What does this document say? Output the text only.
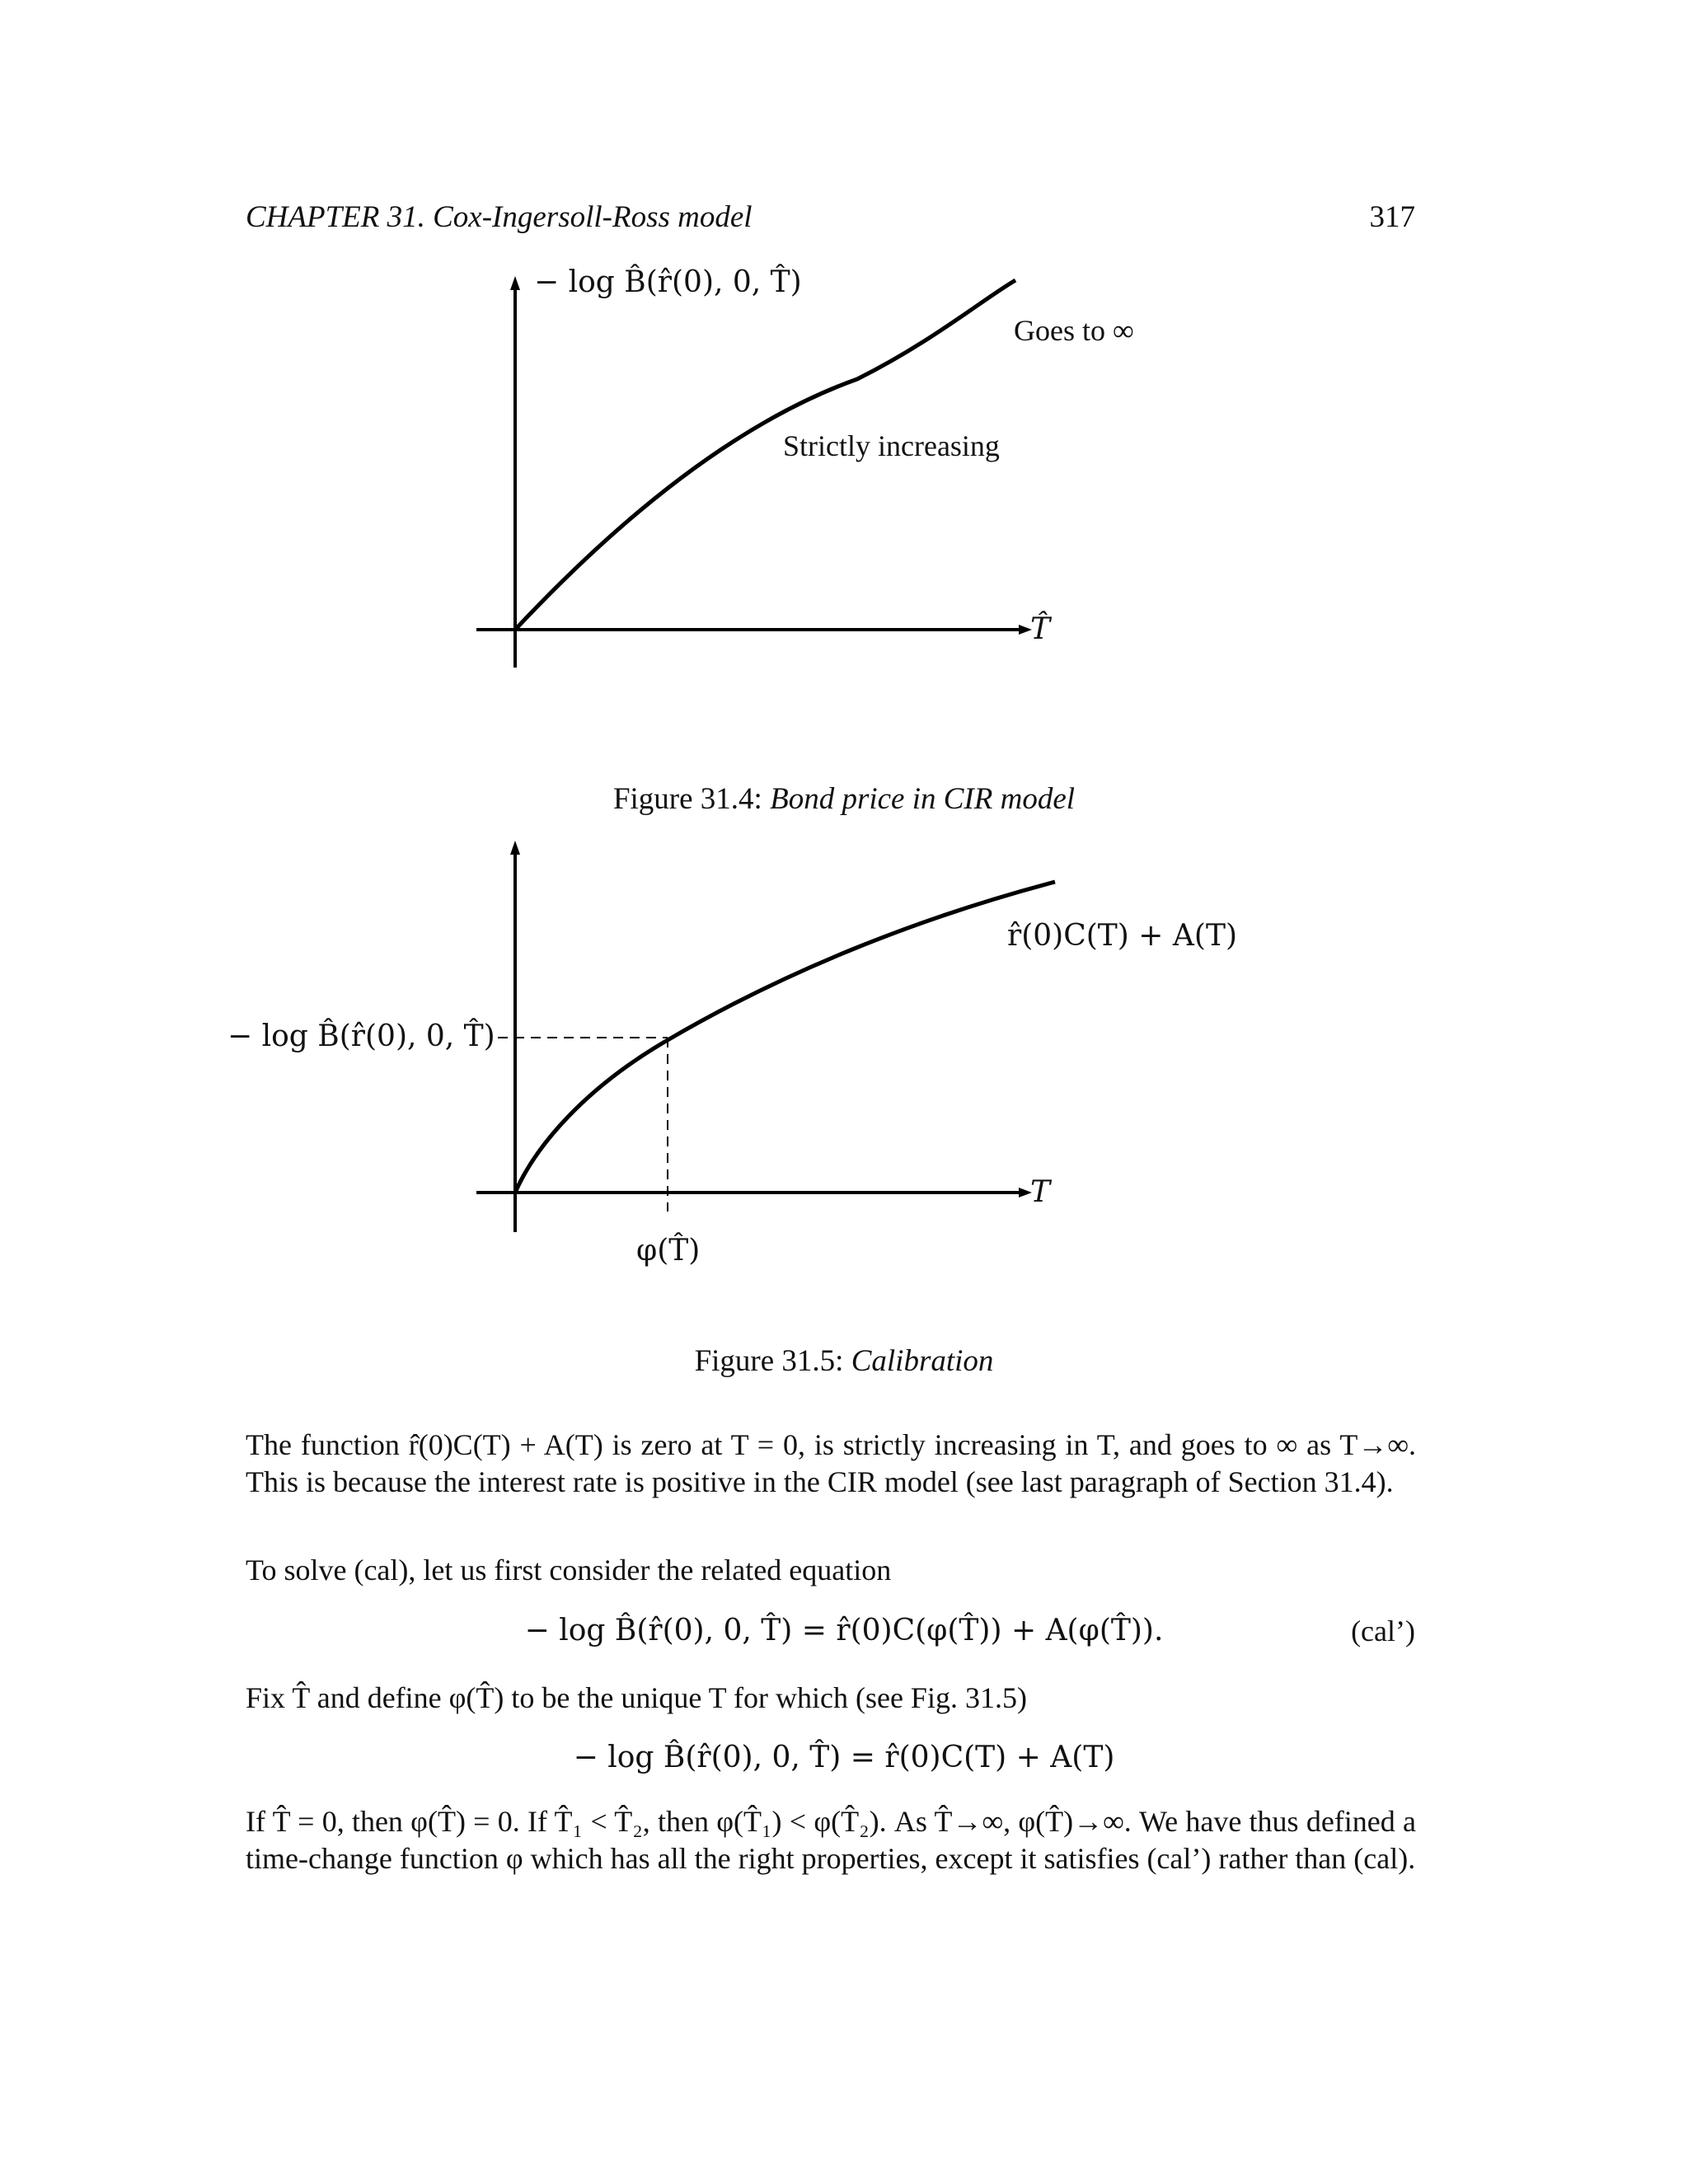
CHAPTER 31. Cox-Ingersoll-Ross model	317
− log B̂(r̂(0), 0, T̂)
Goes to ∞
Strictly increasing
T̂
Figure 31.4: Bond price in CIR model
r̂(0)C(T) + A(T)
− log B̂(r̂(0), 0, T̂)
T
φ(T̂)
Figure 31.5: Calibration
The function r̂(0)C(T) + A(T) is zero at T = 0, is strictly increasing in T, and goes to ∞ as T→∞. This is because the interest rate is positive in the CIR model (see last paragraph of Section 31.4).
To solve (cal), let us first consider the related equation
− log B̂(r̂(0), 0, T̂) = r̂(0)C(φ(T̂)) + A(φ(T̂)).	(cal’)
Fix T̂ and define φ(T̂) to be the unique T for which (see Fig. 31.5)
− log B̂(r̂(0), 0, T̂) = r̂(0)C(T) + A(T)
If T̂ = 0, then φ(T̂) = 0. If T̂₁ < T̂₂, then φ(T̂₁) < φ(T̂₂). As T̂→∞, φ(T̂)→∞. We have thus defined a time-change function φ which has all the right properties, except it satisfies (cal’) rather than (cal).
